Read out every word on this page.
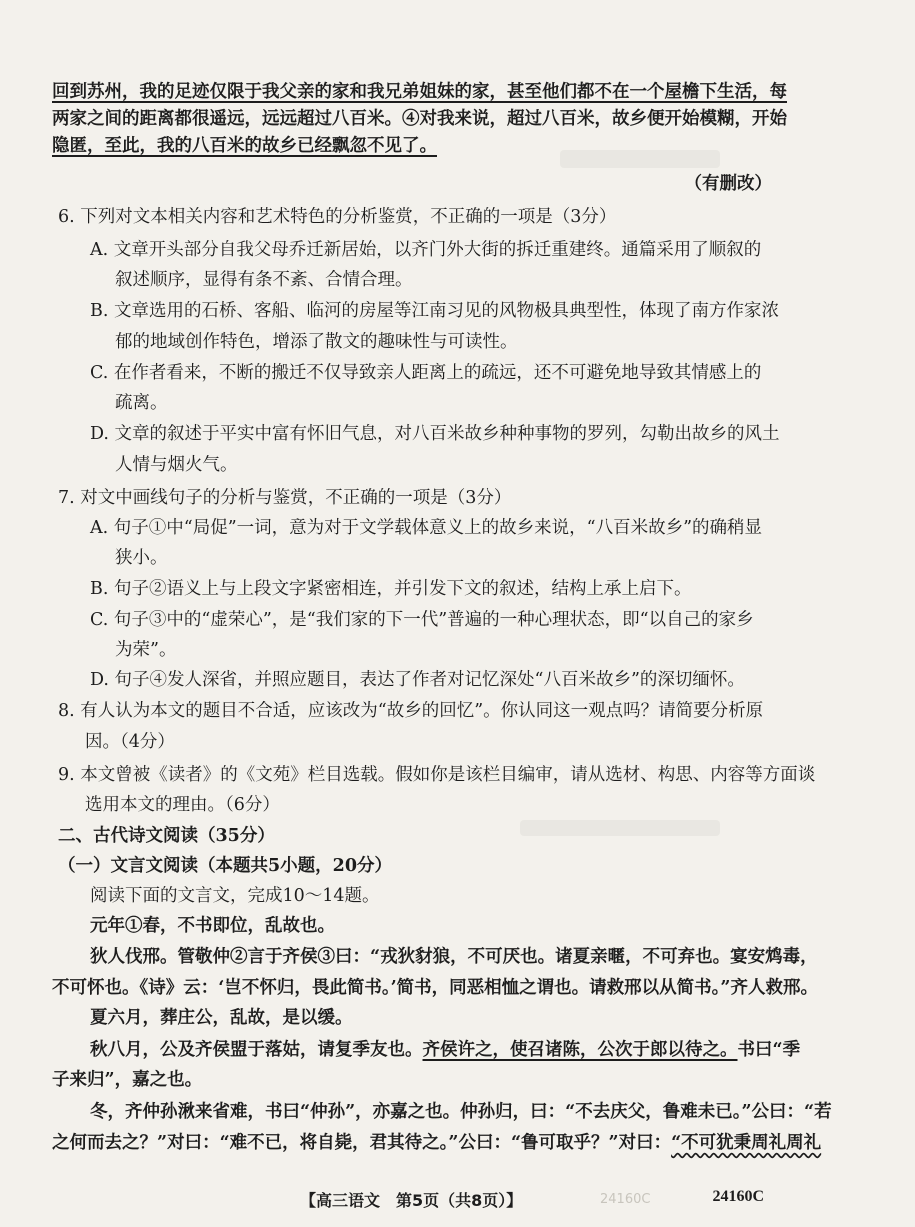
回到苏州，我的足迹仅限于我父亲的家和我兄弟姐妹的家，甚至他们都不在一个屋檐下生活，每
两家之间的距离都很遥远，远远超过八百米。④对我来说，超过八百米，故乡便开始模糊，开始
隐匿，至此，我的八百米的故乡已经飘忽不见了。
（有删改）
6. 下列对文本相关内容和艺术特色的分析鉴赏，不正确的一项是（3分）
A. 文章开头部分自我父母乔迁新居始，以齐门外大街的拆迁重建终。通篇采用了顺叙的
叙述顺序，显得有条不紊、合情合理。
B. 文章选用的石桥、客船、临河的房屋等江南习见的风物极具典型性，体现了南方作家浓
郁的地域创作特色，增添了散文的趣味性与可读性。
C. 在作者看来，不断的搬迁不仅导致亲人距离上的疏远，还不可避免地导致其情感上的
疏离。
D. 文章的叙述于平实中富有怀旧气息，对八百米故乡种种事物的罗列，勾勒出故乡的风土
人情与烟火气。
7. 对文中画线句子的分析与鉴赏，不正确的一项是（3分）
A. 句子①中“局促”一词，意为对于文学载体意义上的故乡来说，“八百米故乡”的确稍显
狭小。
B. 句子②语义上与上段文字紧密相连，并引发下文的叙述，结构上承上启下。
C. 句子③中的“虚荣心”，是“我们家的下一代”普遍的一种心理状态，即“以自己的家乡
为荣”。
D. 句子④发人深省，并照应题目，表达了作者对记忆深处“八百米故乡”的深切缅怀。
8. 有人认为本文的题目不合适，应该改为“故乡的回忆”。你认同这一观点吗？请简要分析原
因。（4分）
9. 本文曾被《读者》的《文苑》栏目选载。假如你是该栏目编审，请从选材、构思、内容等方面谈
选用本文的理由。（6分）
二、古代诗文阅读（35分）
（一）文言文阅读（本题共5小题，20分）
阅读下面的文言文，完成10～14题。
元年①春，不书即位，乱故也。
狄人伐邢。管敬仲②言于齐侯③曰：“戎狄豺狼，不可厌也。诸夏亲暱，不可弃也。宴安鸩毒，
不可怀也。《诗》云：‘岂不怀归，畏此简书。’简书，同恶相恤之谓也。请救邢以从简书。”齐人救邢。
夏六月，葬庄公，乱故，是以缓。
秋八月，公及齐侯盟于落姑，请复季友也。齐侯许之，使召诸陈，公次于郎以待之。书曰“季
子来归”，嘉之也。
冬，齐仲孙湫来省难，书曰“仲孙”，亦嘉之也。仲孙归，曰：“不去庆父，鲁难未已。”公曰：“若
之何而去之？”对曰：“难不已，将自毙，君其待之。”公曰：“鲁可取乎？”对曰：“不可犹秉周礼周礼
24160C
【高三语文　第5页（共8页）】	24160C
